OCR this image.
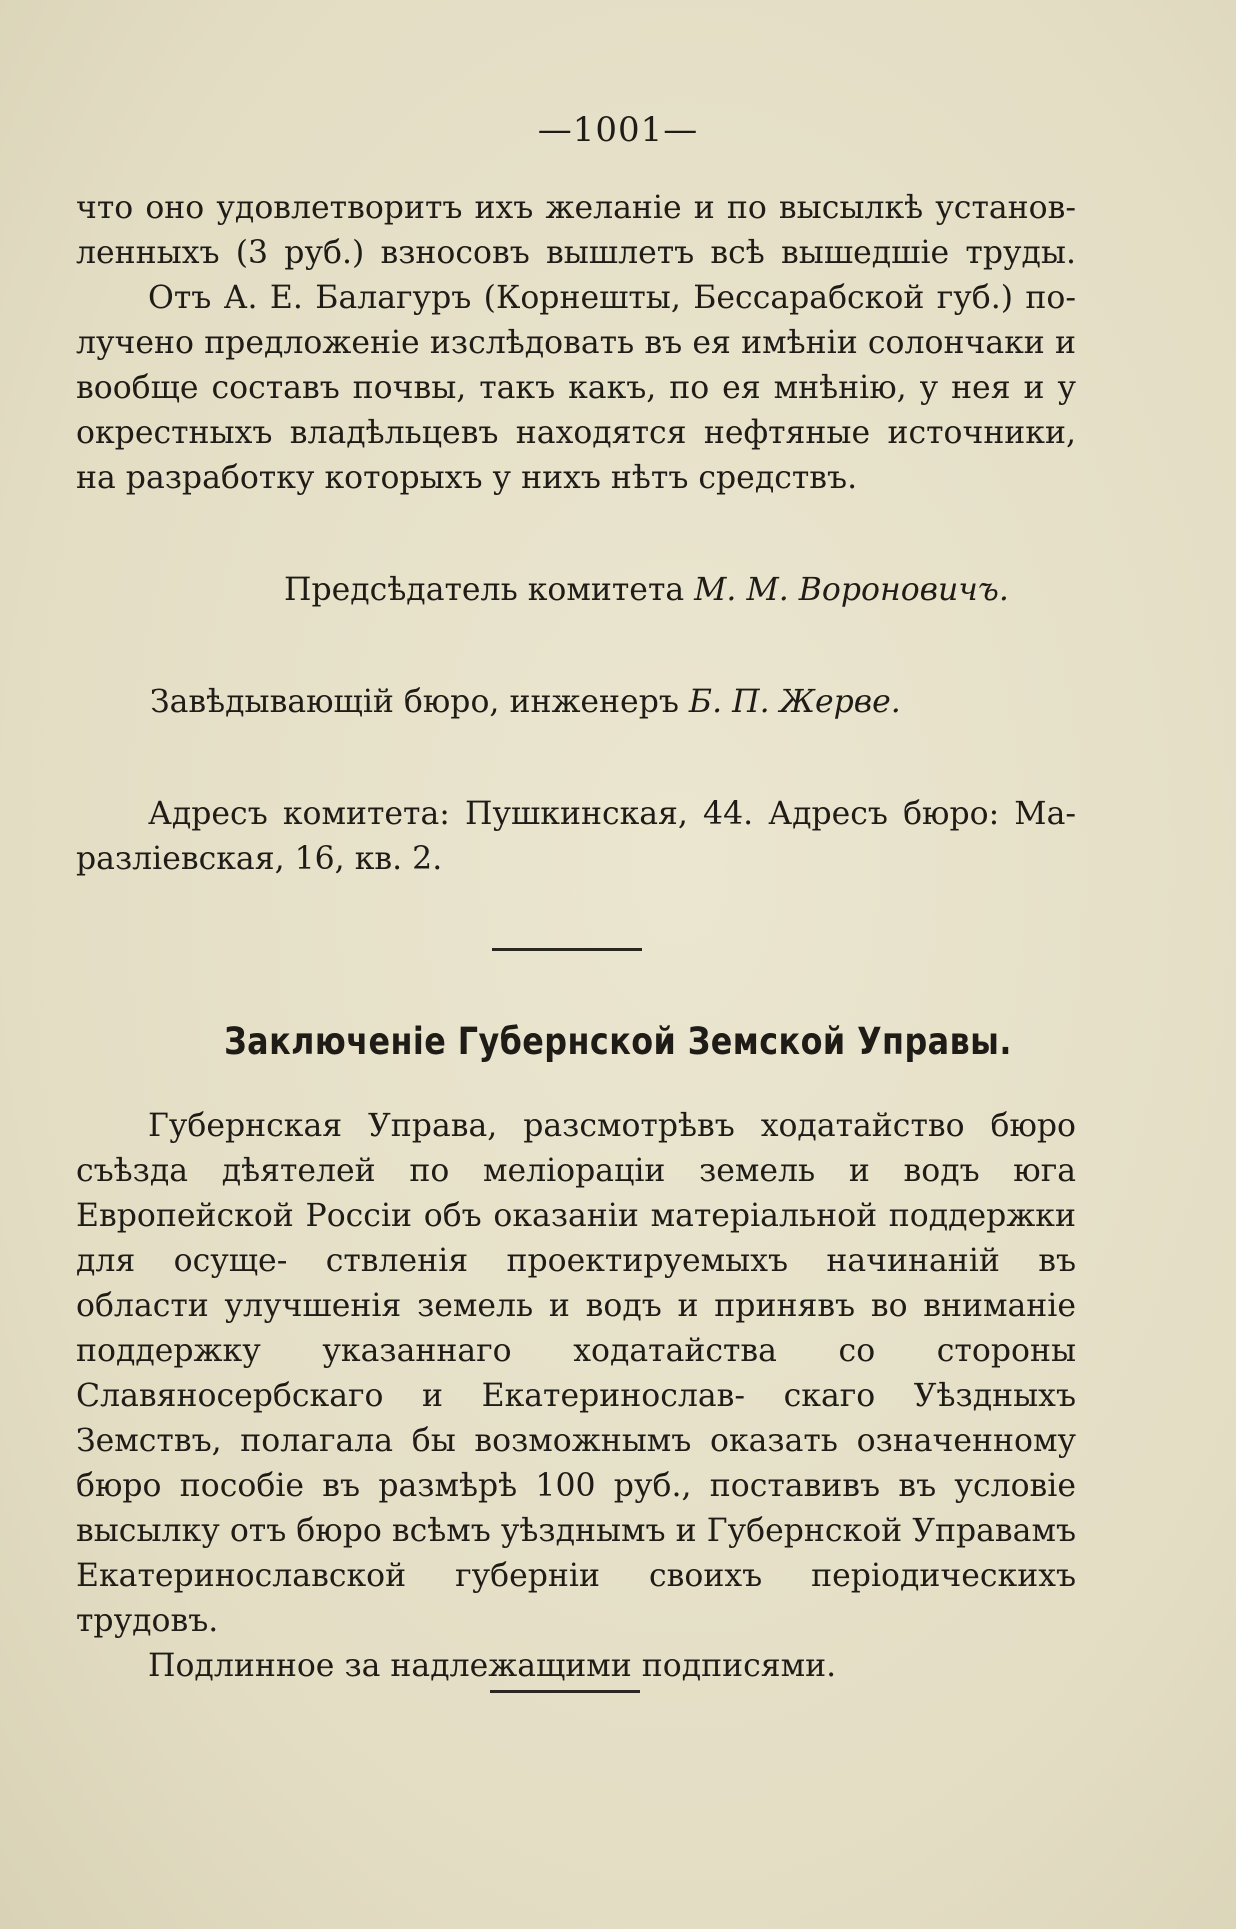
—1001—

что оно удовлетворитъ ихъ желаніе и по высылкѣ установ-
ленныхъ (3 руб.) взносовъ вышлетъ всѣ вышедшіе труды.

Отъ А. Е. Балагуръ (Корнешты, Бессарабской губ.) по- лучено предложеніе изслѣдовать въ ея имѣніи солончаки и вообще составъ почвы, такъ какъ, по ея мнѣнію, у нея и у окрестныхъ владѣльцевъ находятся нефтяные источники, на разработку которыхъ у нихъ нѣтъ средствъ.

Предсѣдатель комитета М. М. Вороновичъ.
Завѣдывающій бюро, инженеръ Б. П. Жерве.

Адресъ комитета: Пушкинская, 44. Адресъ бюро: Ма- разліевская, 16, кв. 2.

Заключеніе Губернской Земской Управы.

Губернская Управа, разсмотрѣвъ ходатайство бюро съѣзда дѣятелей по меліораціи земель и водъ юга Европейской Россіи объ оказаніи матеріальной поддержки для осуще- ствленія проектируемыхъ начинаній въ области улучшенія земель и водъ и принявъ во вниманіе поддержку указаннаго ходатайства со стороны Славяносербскаго и Екатеринослав- скаго Уѣздныхъ Земствъ, полагала бы возможнымъ оказать означенному бюро пособіе въ размѣрѣ 100 руб., поставивъ въ условіе высылку отъ бюро всѣмъ уѣзднымъ и Губернской Управамъ Екатеринославской губерніи своихъ періодическихъ трудовъ.

Подлинное за надлежащими подписями.
